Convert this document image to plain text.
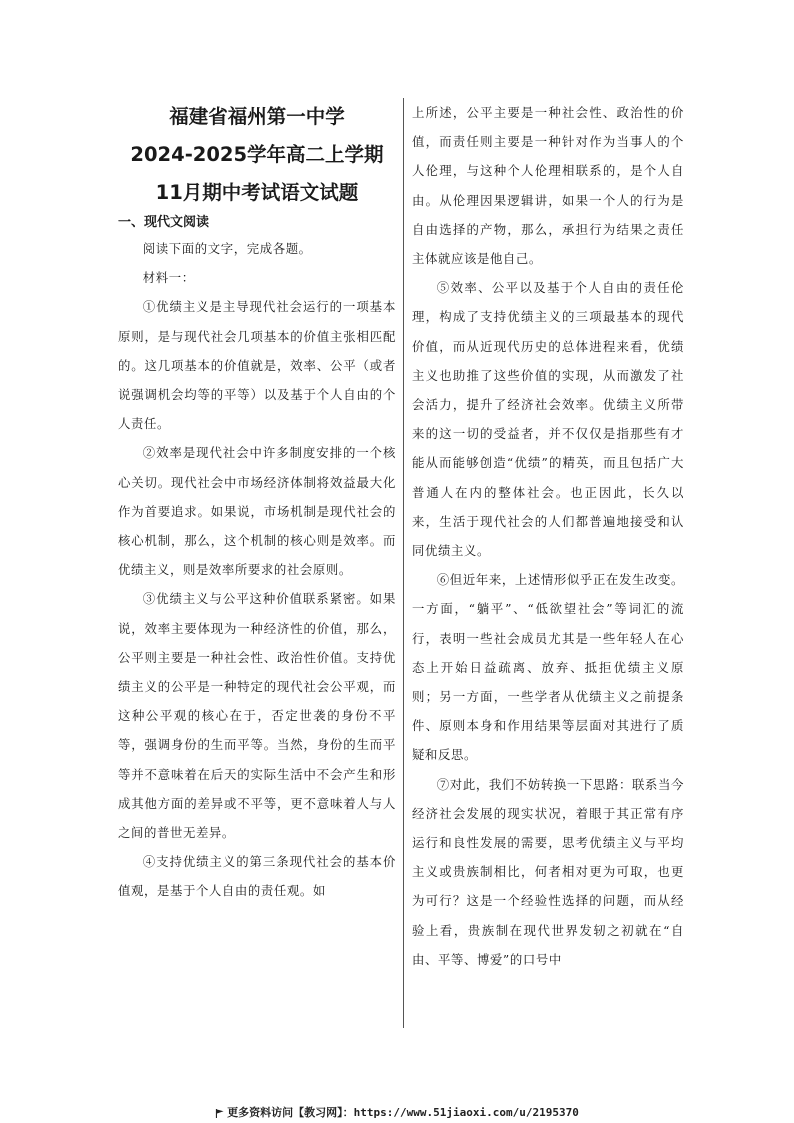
福建省福州第一中学
2024-2025学年高二上学期
11月期中考试语文试题
一、现代文阅读

阅读下面的文字，完成各题。

材料一：

①优绩主义是主导现代社会运行的一项基本原则，是与现代社会几项基本的价值主张相匹配的。这几项基本的价值就是，效率、公平（或者说强调机会均等的平等）以及基于个人自由的个人责任。

②效率是现代社会中许多制度安排的一个核心关切。现代社会中市场经济体制将效益最大化作为首要追求。如果说，市场机制是现代社会的核心机制，那么，这个机制的核心则是效率。而优绩主义，则是效率所要求的社会原则。

③优绩主义与公平这种价值联系紧密。如果说，效率主要体现为一种经济性的价值，那么，公平则主要是一种社会性、政治性价值。支持优绩主义的公平是一种特定的现代社会公平观，而这种公平观的核心在于，否定世袭的身份不平等，强调身份的生而平等。当然，身份的生而平等并不意味着在后天的实际生活中不会产生和形成其他方面的差异或不平等，更不意味着人与人之间的普世无差异。

④支持优绩主义的第三条现代社会的基本价值观，是基于个人自由的责任观。如

上所述，公平主要是一种社会性、政治性的价值，而责任则主要是一种针对作为当事人的个人伦理，与这种个人伦理相联系的，是个人自由。从伦理因果逻辑讲，如果一个人的行为是自由选择的产物，那么，承担行为结果之责任主体就应该是他自己。

⑤效率、公平以及基于个人自由的责任伦理，构成了支持优绩主义的三项最基本的现代价值，而从近现代历史的总体进程来看，优绩主义也助推了这些价值的实现，从而激发了社会活力，提升了经济社会效率。优绩主义所带来的这一切的受益者，并不仅仅是指那些有才能从而能够创造“优绩”的精英，而且包括广大普通人在内的整体社会。也正因此，长久以来，生活于现代社会的人们都普遍地接受和认同优绩主义。

⑥但近年来，上述情形似乎正在发生改变。一方面，“躺平”、“低欲望社会”等词汇的流行，表明一些社会成员尤其是一些年轻人在心态上开始日益疏离、放弃、抵拒优绩主义原则；另一方面，一些学者从优绩主义之前提条件、原则本身和作用结果等层面对其进行了质疑和反思。

⑦对此，我们不妨转换一下思路：联系当今经济社会发展的现实状况，着眼于其正常有序运行和良性发展的需要，思考优绩主义与平均主义或贵族制相比，何者相对更为可取，也更为可行？这是一个经验性选择的问题，而从经验上看，贵族制在现代世界发轫之初就在“自由、平等、博爱”的口号中

更多资料访问【教习网】：https://www.51jiaoxi.com/u/2195370
